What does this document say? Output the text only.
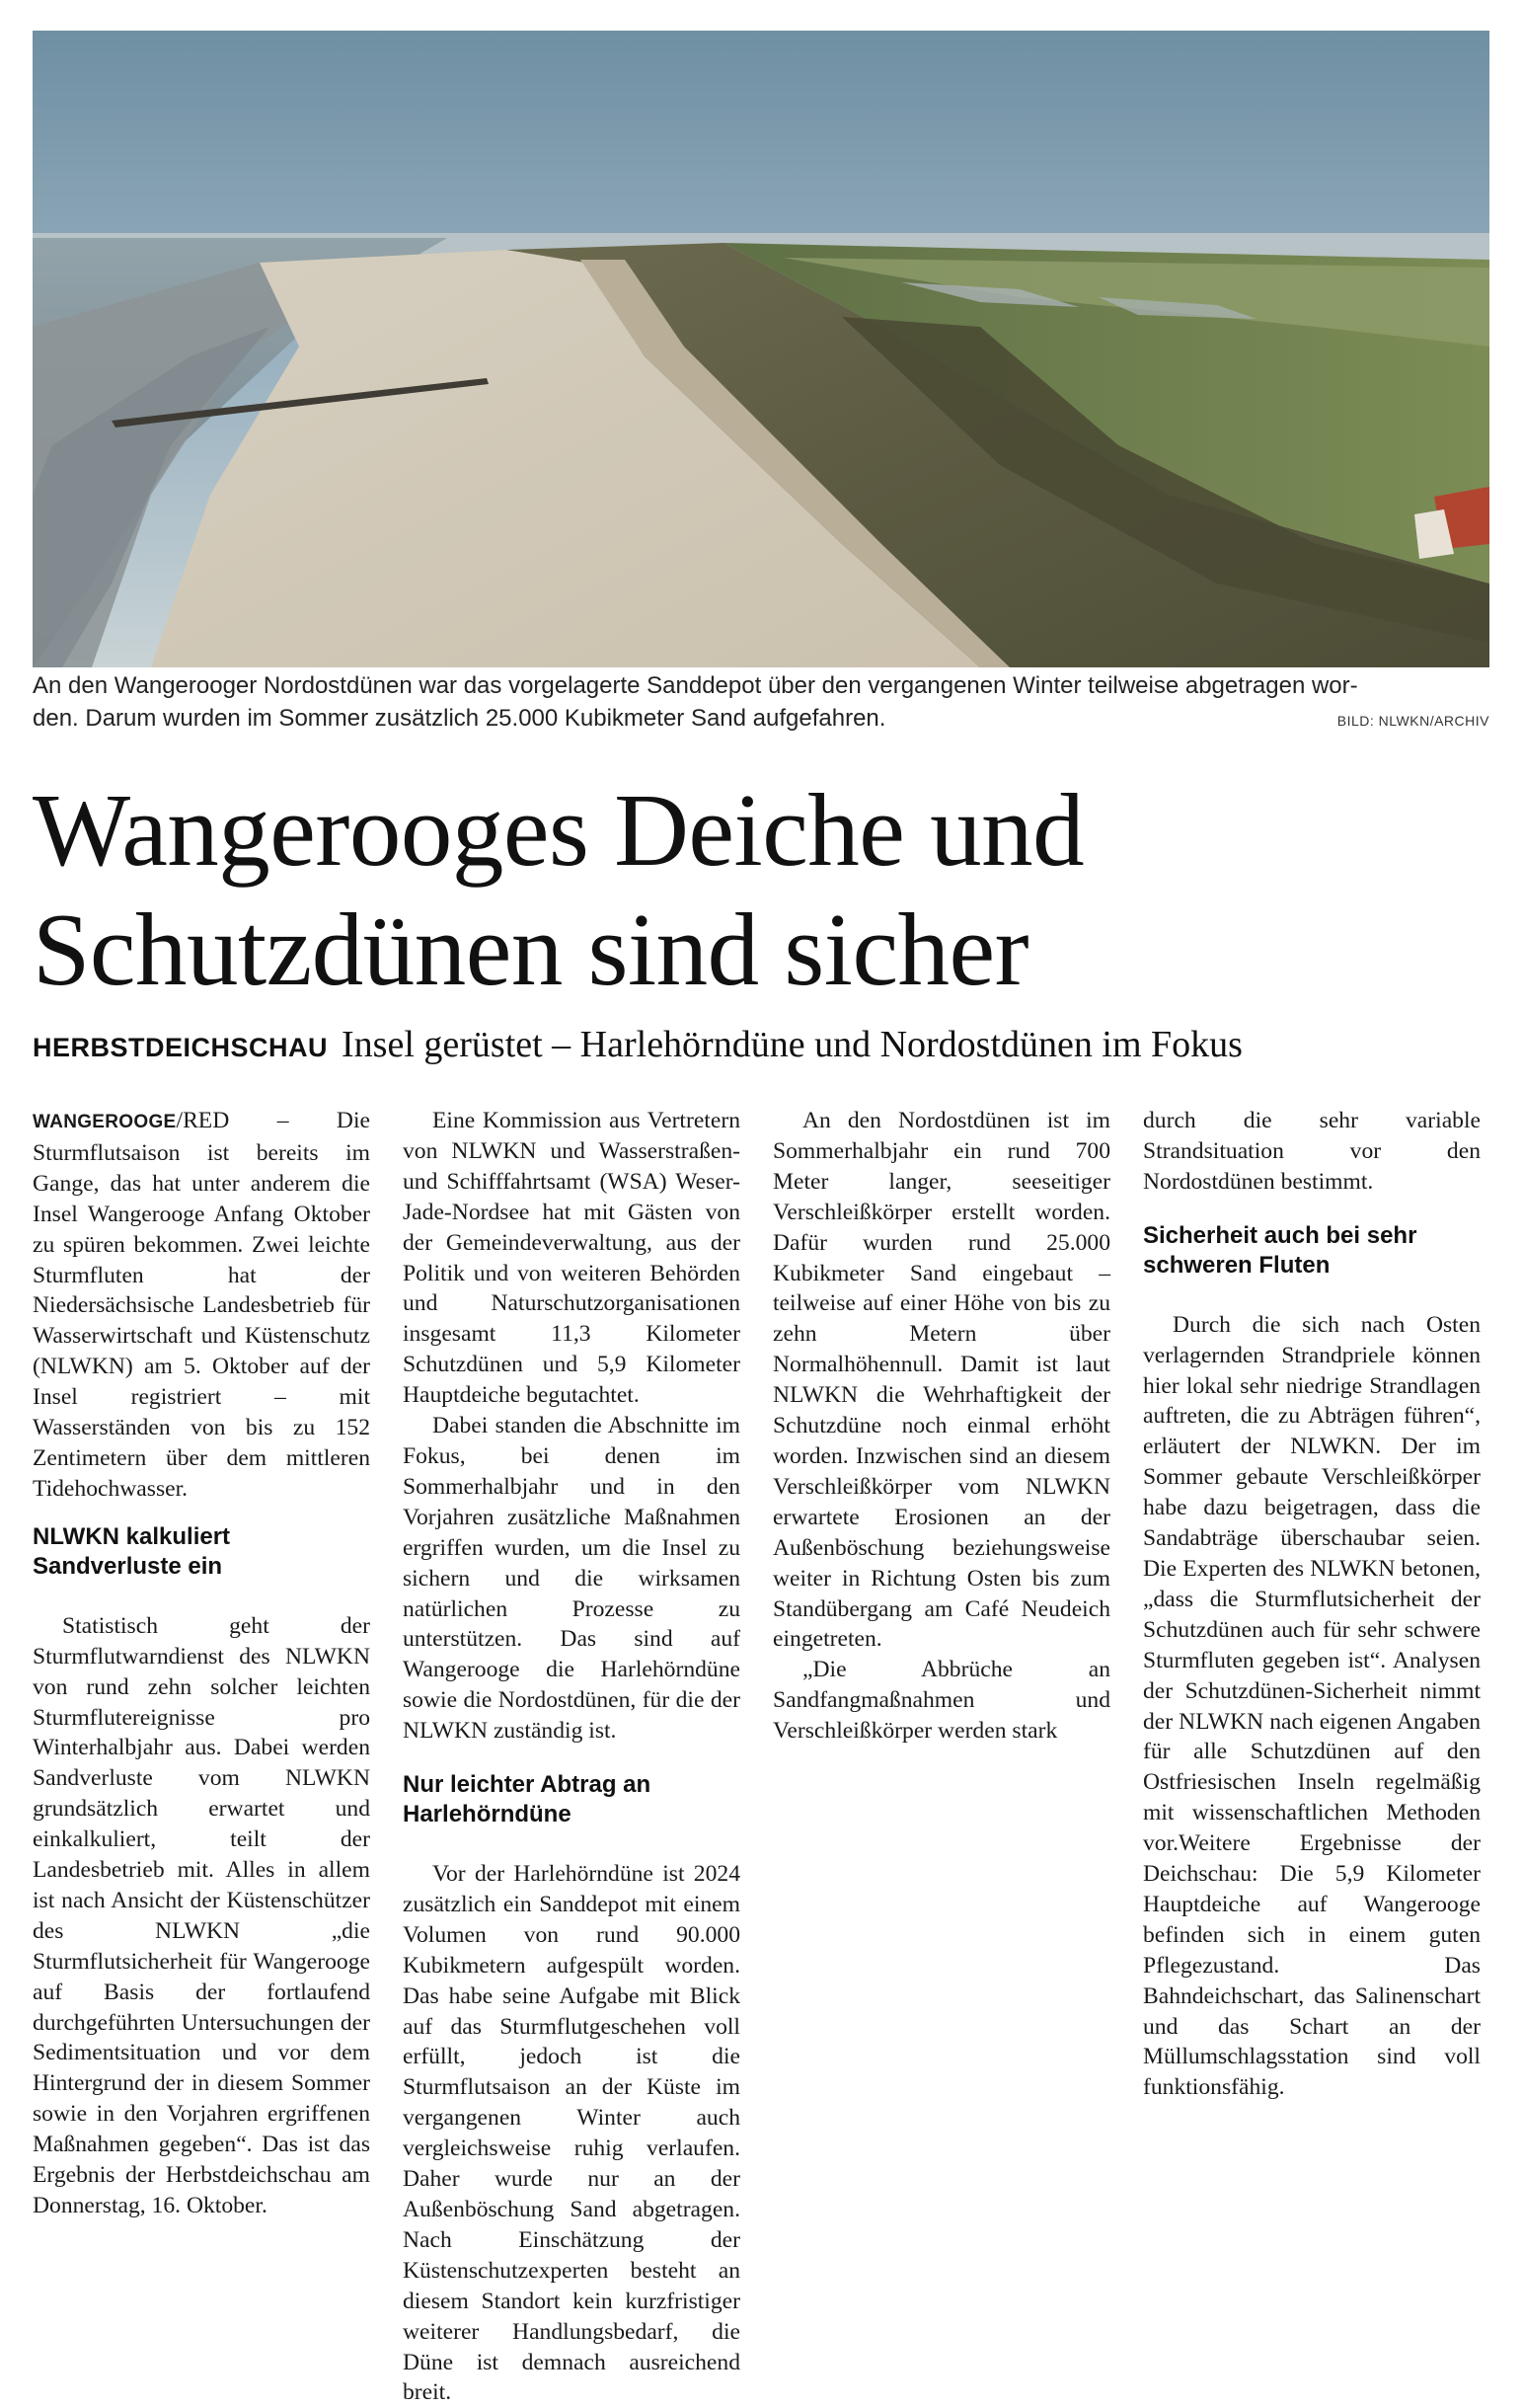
An den Wangerooger Nordostdünen war das vorgelagerte Sanddepot über den vergangenen Winter teilweise abgetragen wor-
den. Darum wurden im Sommer zusätzlich 25.000 Kubikmeter Sand aufgefahren.	BILD: NLWKN/ARCHIV
Wangerooges Deiche und
Schutzdünen sind sicher
HERBSTDEICHSCHAU Insel gerüstet – Harlehörndüne und Nordostdünen im Fokus

WANGEROOGE/RED – Die Sturmflutsaison ist bereits im Gange, das hat unter anderem die Insel Wangerooge Anfang Oktober zu spüren bekommen. Zwei leichte Sturmfluten hat der Niedersächsische Landesbetrieb für Wasserwirtschaft und Küstenschutz (NLWKN) am 5. Oktober auf der Insel registriert – mit Wasserständen von bis zu 152 Zentimetern über dem mittleren Tidehochwasser.

NLWKN kalkuliert Sandverluste ein

Statistisch geht der Sturmflutwarndienst des NLWKN von rund zehn solcher leichten Sturmflutereignisse pro Winterhalbjahr aus. Dabei werden Sandverluste vom NLWKN grundsätzlich erwartet und einkalkuliert, teilt der Landesbetrieb mit. Alles in allem ist nach Ansicht der Küstenschützer des NLWKN „die Sturmflutsicherheit für Wangerooge auf Basis der fortlaufend durchgeführten Untersuchungen der Sedimentsituation und vor dem Hintergrund der in diesem Sommer sowie in den Vorjahren ergriffenen Maßnahmen gegeben“. Das ist das Ergebnis der Herbstdeichschau am Donnerstag, 16. Oktober.

Eine Kommission aus Vertretern von NLWKN und Wasserstraßen- und Schifffahrtsamt (WSA) Weser-Jade-Nordsee hat mit Gästen von der Gemeindeverwaltung, aus der Politik und von weiteren Behörden und Naturschutzorganisationen insgesamt 11,3 Kilometer Schutzdünen und 5,9 Kilometer Hauptdeiche begutachtet.

Dabei standen die Abschnitte im Fokus, bei denen im Sommerhalbjahr und in den Vorjahren zusätzliche Maßnahmen ergriffen wurden, um die Insel zu sichern und die wirksamen natürlichen Prozesse zu unterstützen. Das sind auf Wangerooge die Harlehörndüne sowie die Nordostdünen, für die der NLWKN zuständig ist.

Nur leichter Abtrag an Harlehörndüne

Vor der Harlehörndüne ist 2024 zusätzlich ein Sanddepot mit einem Volumen von rund 90.000 Kubikmetern aufgespült worden. Das habe seine Aufgabe mit Blick auf das Sturmflutgeschehen voll erfüllt, jedoch ist die Sturmflutsaison an der Küste im vergangenen Winter auch vergleichsweise ruhig verlaufen. Daher wurde nur an der Außenböschung Sand abgetragen. Nach Einschätzung der Küstenschutzexperten besteht an diesem Standort kein kurzfristiger weiterer Handlungsbedarf, die Düne ist demnach ausreichend breit.

An den Nordostdünen ist im Sommerhalbjahr ein rund 700 Meter langer, seeseitiger Verschleißkörper erstellt worden. Dafür wurden rund 25.000 Kubikmeter Sand eingebaut – teilweise auf einer Höhe von bis zu zehn Metern über Normalhöhennull. Damit ist laut NLWKN die Wehrhaftigkeit der Schutzdüne noch einmal erhöht worden. Inzwischen sind an diesem Verschleißkörper vom NLWKN erwartete Erosionen an der Außenböschung beziehungsweise weiter in Richtung Osten bis zum Standübergang am Café Neudeich eingetreten.

„Die Abbrüche an Sandfangmaßnahmen und Verschleißkörper werden stark

durch die sehr variable Strandsituation vor den Nordostdünen bestimmt.

Sicherheit auch bei sehr schweren Fluten

Durch die sich nach Osten verlagernden Strandpriele können hier lokal sehr niedrige Strandlagen auftreten, die zu Abträgen führen“, erläutert der NLWKN. Der im Sommer gebaute Verschleißkörper habe dazu beigetragen, dass die Sandabträge überschaubar seien. Die Experten des NLWKN betonen, „dass die Sturmflutsicherheit der Schutzdünen auch für sehr schwere Sturmfluten gegeben ist“. Analysen der Schutzdünen-Sicherheit nimmt der NLWKN nach eigenen Angaben für alle Schutzdünen auf den Ostfriesischen Inseln regelmäßig mit wissenschaftlichen Methoden vor.Weitere Ergebnisse der Deichschau: Die 5,9 Kilometer Hauptdeiche auf Wangerooge befinden sich in einem guten Pflegezustand. Das Bahndeichschart, das Salinenschart und das Schart an der Müllumschlagsstation sind voll funktionsfähig.
